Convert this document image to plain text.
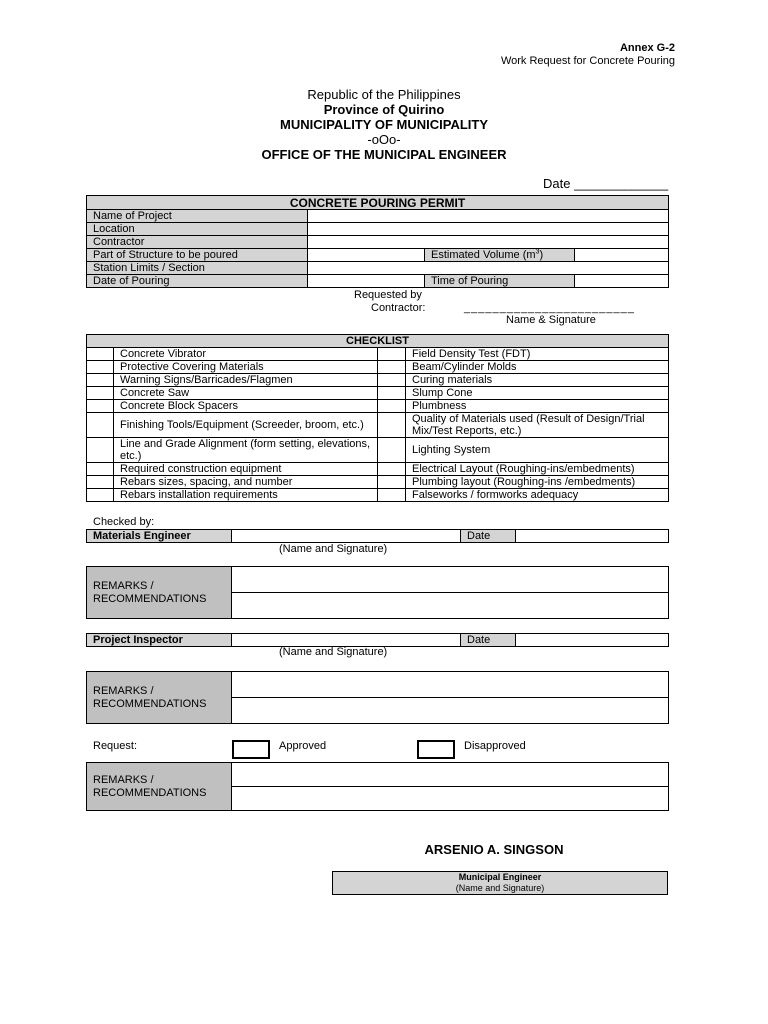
Annex G-2
Work Request for Concrete Pouring
Republic of the Philippines
Province of Quirino
MUNICIPALITY OF MUNICIPALITY
-oOo-
OFFICE OF THE MUNICIPAL ENGINEER
Date _____________
CONCRETE POURING PERMIT			
Name of Project			
Location			
Contractor			
Part of Structure to be poured		Estimated Volume $(m^3)$	
Station Limits / Section			
Date of Pouring		Time of Pouring	
Requested by
Contractor:	________________________
Name & Signature
CHECKLIST			
	Concrete Vibrator		Field Density Test (FDT)
	Protective Covering Materials		Beam/Cylinder Molds
	Warning Signs/Barricades/Flagmen		Curing materials
	Concrete Saw		Slump Cone
	Concrete Block Spacers		Plumbness
	Finishing Tools/Equipment (Screeder, broom, etc.)		Quality of Materials used (Result of Design/Trial Mix/Test Reports, etc.)
	Line and Grade Alignment (form setting, elevations, etc.)		Lighting System
	Required construction equipment		Electrical Layout (Roughing-ins/embedments)
	Rebars sizes, spacing, and number		Plumbing layout (Roughing-ins /embedments)
	Rebars installation requirements		Falseworks / formworks adequacy
Checked by:
Materials Engineer		Date	
(Name and Signature)
REMARKS /
RECOMMENDATIONS

Project Inspector		Date	
(Name and Signature)
REMARKS /
RECOMMENDATIONS

Request:	Approved	Disapproved
REMARKS /
RECOMMENDATIONS

ARSENIO A. SINGSON
Municipal Engineer
(Name and Signature)
